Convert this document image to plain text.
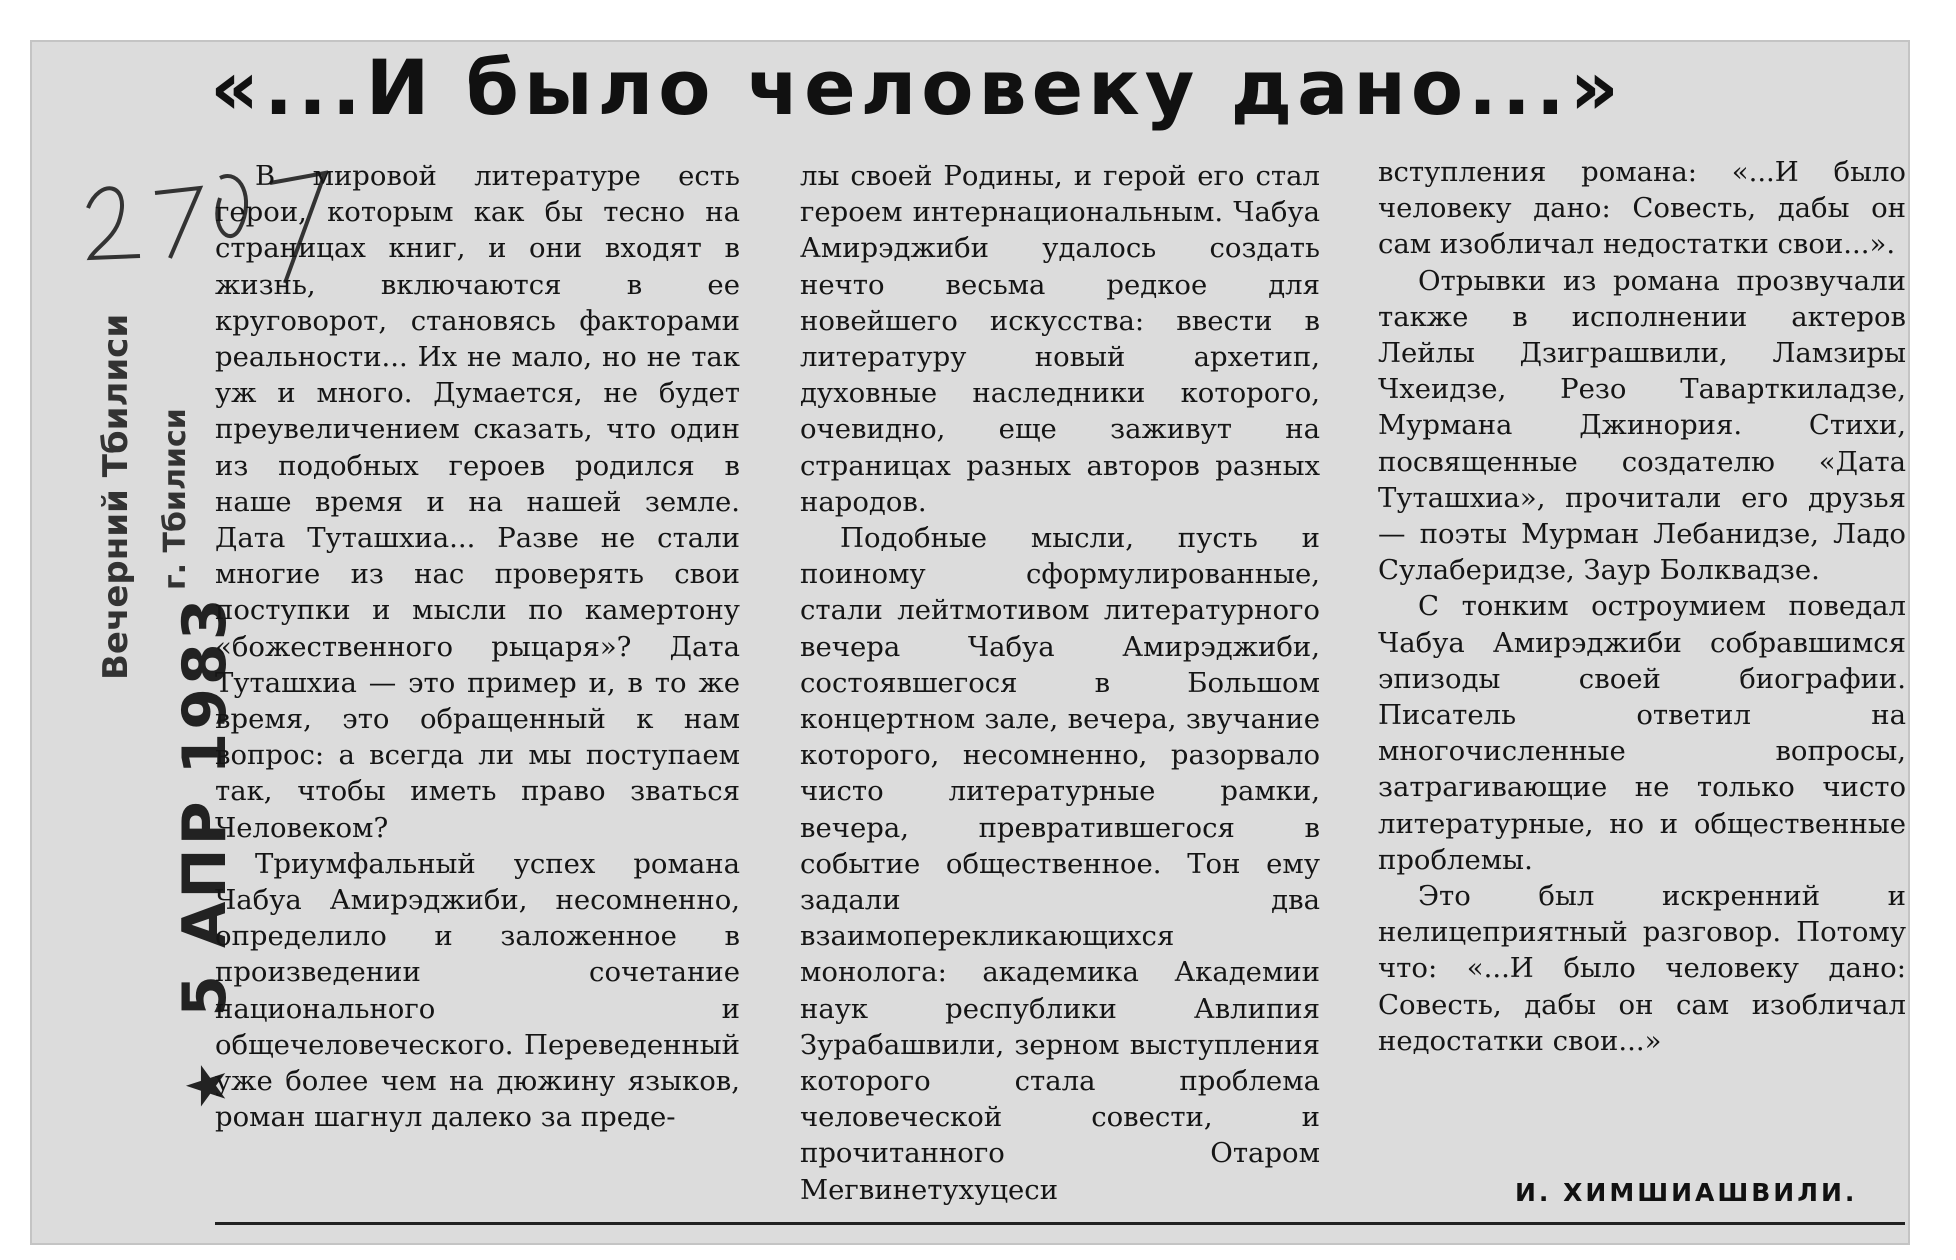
«...И было человеку дано...»
Вечерний Тбилиси г. Тбилиси
★ 5 АПР 1983

В мировой литературе есть герои, которым как бы тесно на страницах книг, и они входят в жизнь, включаются в ее круговорот, становясь факторами реальности... Их не мало, но не так уж и много. Думается, не будет преувеличением сказать, что один из подобных героев родился в наше время и на нашей земле. Дата Туташхиа... Разве не стали многие из нас проверять свои поступки и мысли по камертону «божественного рыцаря»? Дата Туташхиа — это пример и, в то же время, это обращенный к нам вопрос: а всегда ли мы поступаем так, чтобы иметь право зваться Человеком?

Триумфальный успех романа Чабуа Амирэджиби, несомненно, определило и заложенное в произведении сочетание национального и общечеловеческого. Переведенный уже более чем на дюжину языков, роман шагнул далеко за преде-

лы своей Родины, и герой его стал героем интернациональным. Чабуа Амирэджиби удалось создать нечто весьма редкое для новейшего искусства: ввести в литературу новый архетип, духовные наследники которого, очевидно, еще заживут на страницах разных авторов разных народов.

Подобные мысли, пусть и поиному сформулированные, стали лейтмотивом литературного вечера Чабуа Амирэджиби, состоявшегося в Большом концертном зале, вечера, звучание которого, несомненно, разорвало чисто литературные рамки, вечера, превратившегося в событие общественное. Тон ему задали два взаимоперекликающихся монолога: академика Академии наук республики Авлипия Зурабашвили, зерном выступления которого стала проблема человеческой совести, и прочитанного Отаром Мегвинетухуцеси

вступления романа: «...И было человеку дано: Совесть, дабы он сам изобличал недостатки свои...».

Отрывки из романа прозвучали также в исполнении актеров Лейлы Дзиграшвили, Ламзиры Чхеидзе, Резо Таварткиладзе, Мурмана Джинория. Стихи, посвященные создателю «Дата Туташхиа», прочитали его друзья — поэты Мурман Лебанидзе, Ладо Сулаберидзе, Заур Болквадзе.

С тонким остроумием поведал Чабуа Амирэджиби собравшимся эпизоды своей биографии. Писатель ответил на многочисленные вопросы, затрагивающие не только чисто литературные, но и общественные проблемы.

Это был искренний и нелицеприятный разговор. Потому что: «...И было человеку дано: Совесть, дабы он сам изобличал недостатки свои...»

И. ХИМШИАШВИЛИ.
